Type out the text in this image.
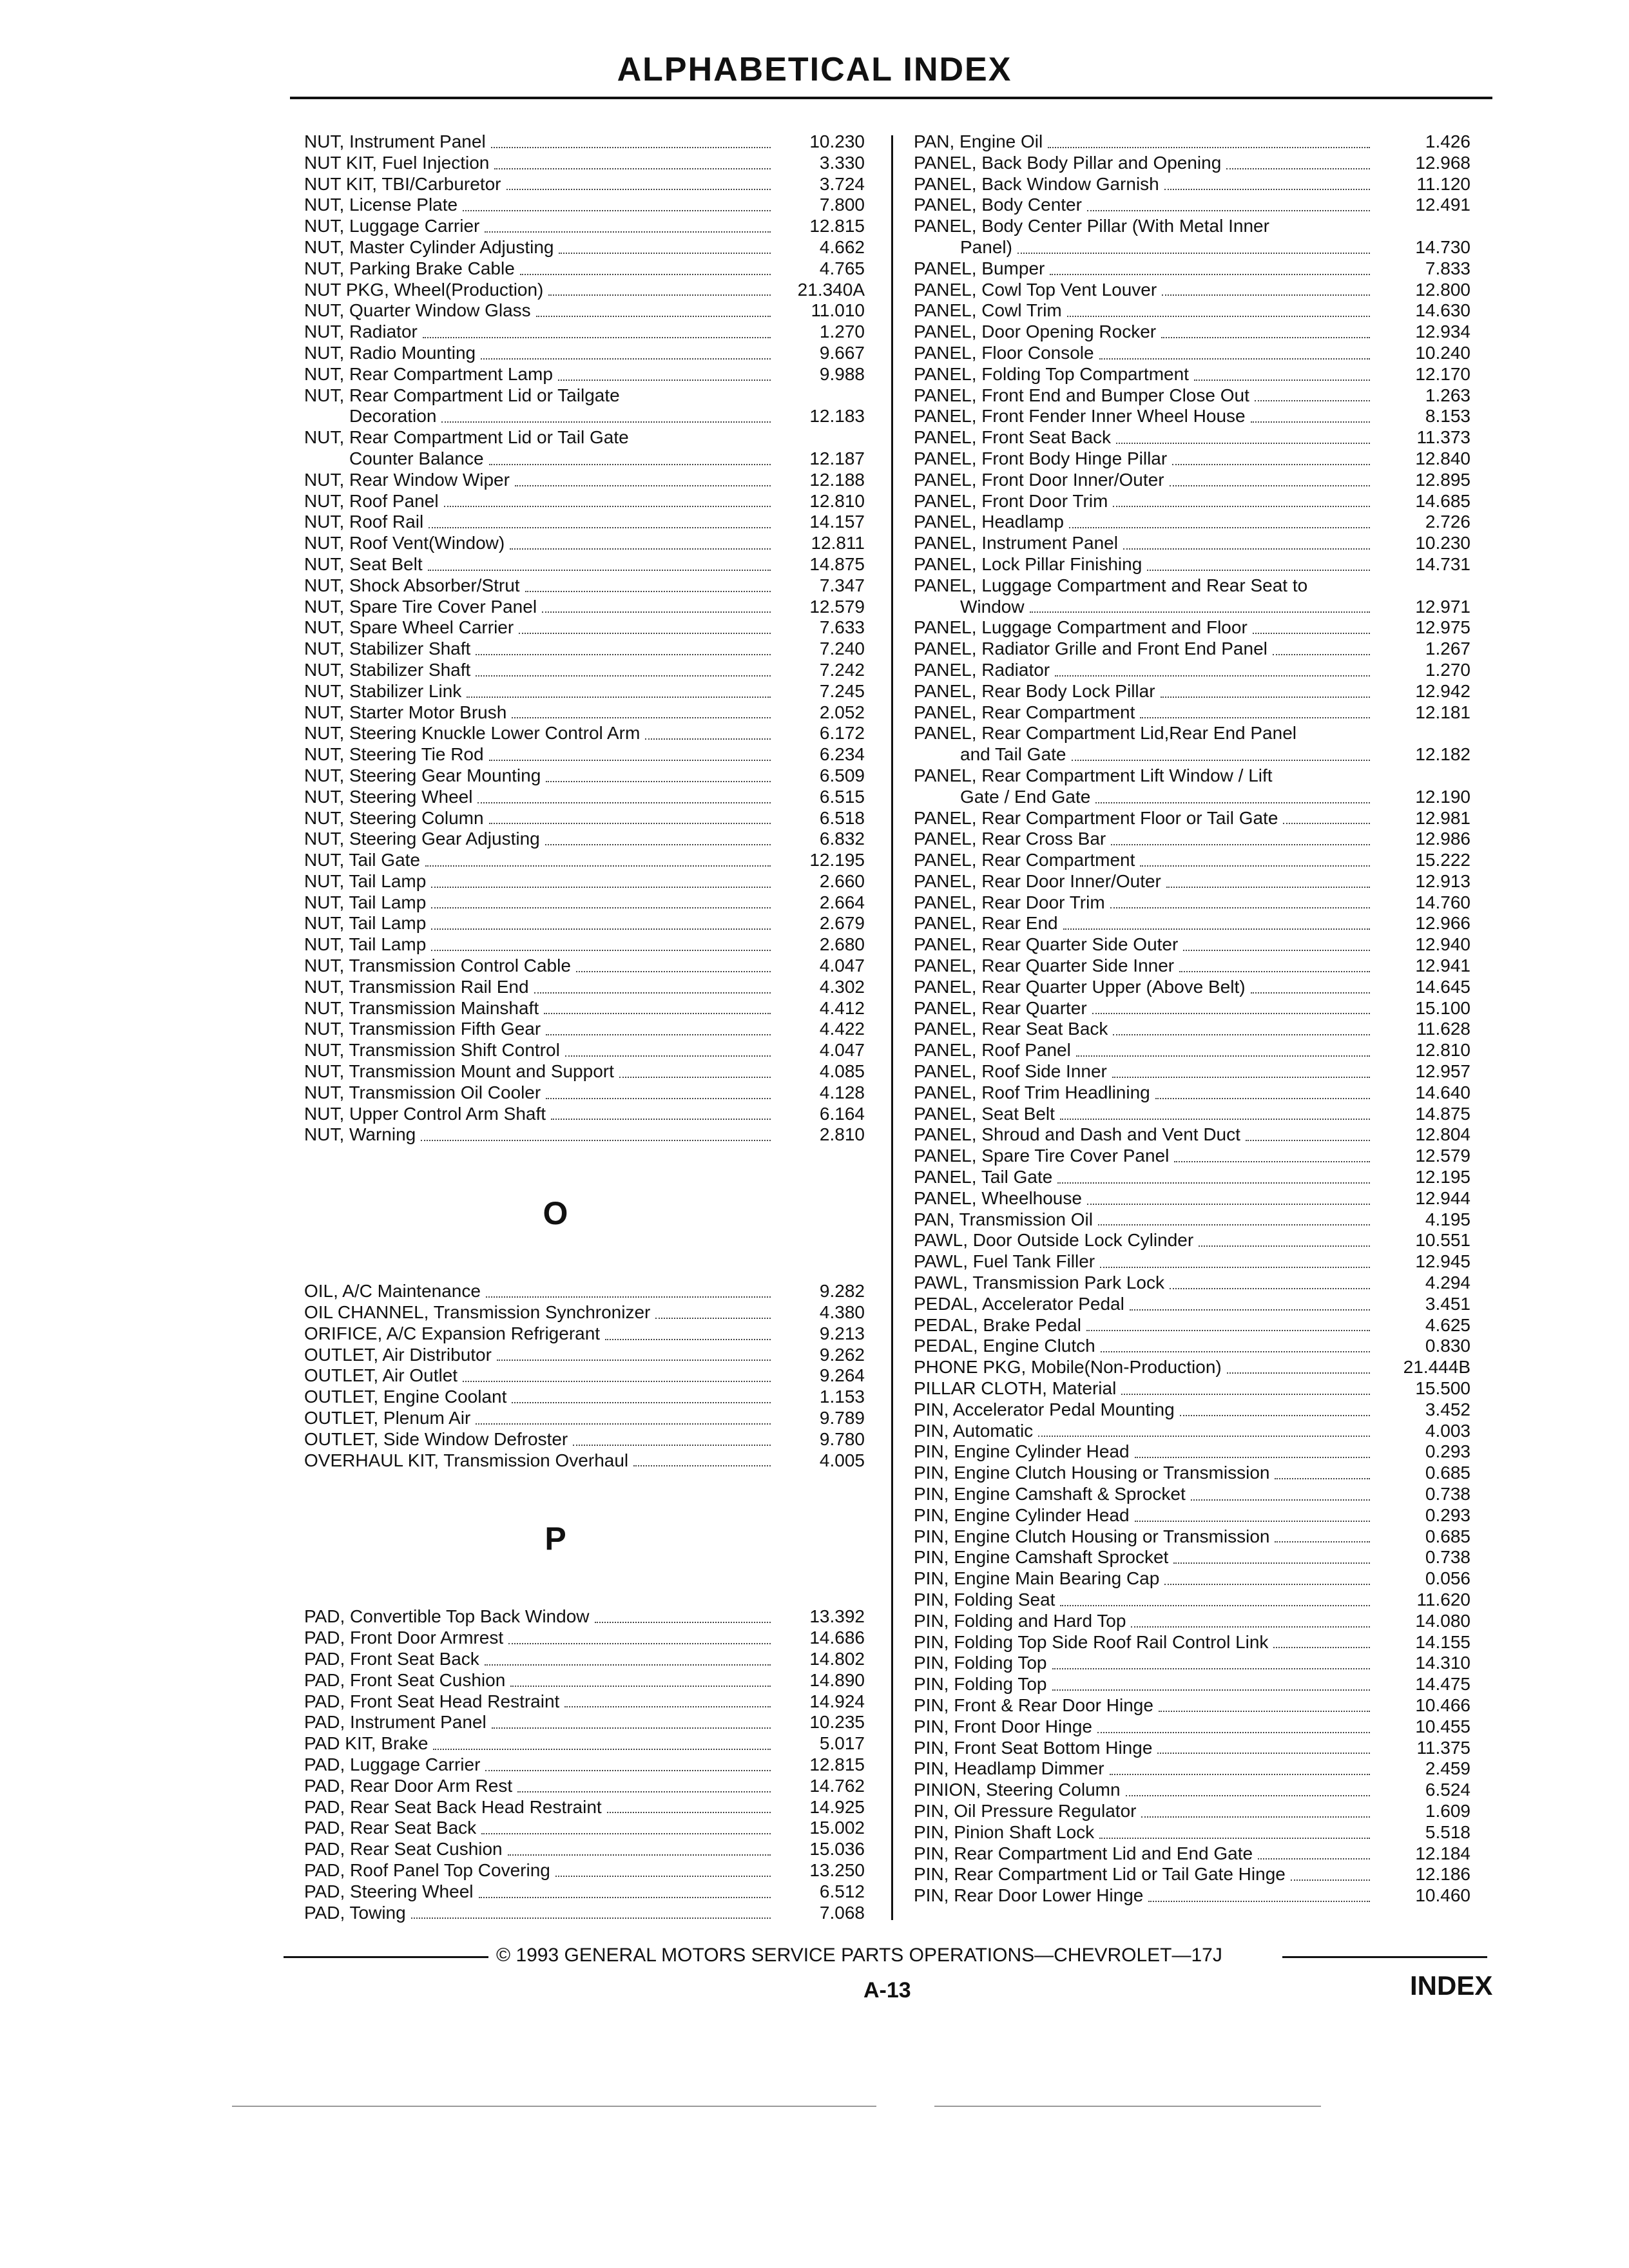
ALPHABETICAL INDEX
NUT, Instrument Panel	10.230
NUT KIT, Fuel Injection	3.330
NUT KIT, TBI/Carburetor	3.724
NUT, License Plate	7.800
NUT, Luggage Carrier	12.815
NUT, Master Cylinder Adjusting	4.662
NUT, Parking Brake Cable	4.765
NUT PKG, Wheel(Production)	21.340A
NUT, Quarter Window Glass	11.010
NUT, Radiator	1.270
NUT, Radio Mounting	9.667
NUT, Rear Compartment Lamp	9.988
NUT, Rear Compartment Lid or Tailgate
Decoration	12.183
NUT, Rear Compartment Lid or Tail Gate
Counter Balance	12.187
NUT, Rear Window Wiper	12.188
NUT, Roof Panel	12.810
NUT, Roof Rail	14.157
NUT, Roof Vent(Window)	12.811
NUT, Seat Belt	14.875
NUT, Shock Absorber/Strut	7.347
NUT, Spare Tire Cover Panel	12.579
NUT, Spare Wheel Carrier	7.633
NUT, Stabilizer Shaft	7.240
NUT, Stabilizer Shaft	7.242
NUT, Stabilizer Link	7.245
NUT, Starter Motor Brush	2.052
NUT, Steering Knuckle Lower Control Arm	6.172
NUT, Steering Tie Rod	6.234
NUT, Steering Gear Mounting	6.509
NUT, Steering Wheel	6.515
NUT, Steering Column	6.518
NUT, Steering Gear Adjusting	6.832
NUT, Tail Gate	12.195
NUT, Tail Lamp	2.660
NUT, Tail Lamp	2.664
NUT, Tail Lamp	2.679
NUT, Tail Lamp	2.680
NUT, Transmission Control Cable	4.047
NUT, Transmission Rail End	4.302
NUT, Transmission Mainshaft	4.412
NUT, Transmission Fifth Gear	4.422
NUT, Transmission Shift Control	4.047
NUT, Transmission Mount and Support	4.085
NUT, Transmission Oil Cooler	4.128
NUT, Upper Control Arm Shaft	6.164
NUT, Warning	2.810
O
OIL, A/C Maintenance	9.282
OIL CHANNEL, Transmission Synchronizer	4.380
ORIFICE, A/C Expansion Refrigerant	9.213
OUTLET, Air Distributor	9.262
OUTLET, Air Outlet	9.264
OUTLET, Engine Coolant	1.153
OUTLET, Plenum Air	9.789
OUTLET, Side Window Defroster	9.780
OVERHAUL KIT, Transmission Overhaul	4.005
P
PAD, Convertible Top Back Window	13.392
PAD, Front Door Armrest	14.686
PAD, Front Seat Back	14.802
PAD, Front Seat Cushion	14.890
PAD, Front Seat Head Restraint	14.924
PAD, Instrument Panel	10.235
PAD KIT, Brake	5.017
PAD, Luggage Carrier	12.815
PAD, Rear Door Arm Rest	14.762
PAD, Rear Seat Back Head Restraint	14.925
PAD, Rear Seat Back	15.002
PAD, Rear Seat Cushion	15.036
PAD, Roof Panel Top Covering	13.250
PAD, Steering Wheel	6.512
PAD, Towing	7.068
PAN, Engine Oil	1.426
PANEL, Back Body Pillar and Opening	12.968
PANEL, Back Window Garnish	11.120
PANEL, Body Center	12.491
PANEL, Body Center Pillar (With Metal Inner
Panel)	14.730
PANEL, Bumper	7.833
PANEL, Cowl Top Vent Louver	12.800
PANEL, Cowl Trim	14.630
PANEL, Door Opening Rocker	12.934
PANEL, Floor Console	10.240
PANEL, Folding Top Compartment	12.170
PANEL, Front End and Bumper Close Out	1.263
PANEL, Front Fender Inner Wheel House	8.153
PANEL, Front Seat Back	11.373
PANEL, Front Body Hinge Pillar	12.840
PANEL, Front Door Inner/Outer	12.895
PANEL, Front Door Trim	14.685
PANEL, Headlamp	2.726
PANEL, Instrument Panel	10.230
PANEL, Lock Pillar Finishing	14.731
PANEL, Luggage Compartment and Rear Seat to
Window	12.971
PANEL, Luggage Compartment and Floor	12.975
PANEL, Radiator Grille and Front End Panel	1.267
PANEL, Radiator	1.270
PANEL, Rear Body Lock Pillar	12.942
PANEL, Rear Compartment	12.181
PANEL, Rear Compartment Lid,Rear End Panel
and Tail Gate	12.182
PANEL, Rear Compartment Lift Window / Lift
Gate / End Gate	12.190
PANEL, Rear Compartment Floor or Tail Gate	12.981
PANEL, Rear Cross Bar	12.986
PANEL, Rear Compartment	15.222
PANEL, Rear Door Inner/Outer	12.913
PANEL, Rear Door Trim	14.760
PANEL, Rear End	12.966
PANEL, Rear Quarter Side Outer	12.940
PANEL, Rear Quarter Side Inner	12.941
PANEL, Rear Quarter Upper (Above Belt)	14.645
PANEL, Rear Quarter	15.100
PANEL, Rear Seat Back	11.628
PANEL, Roof Panel	12.810
PANEL, Roof Side Inner	12.957
PANEL, Roof Trim Headlining	14.640
PANEL, Seat Belt	14.875
PANEL, Shroud and Dash and Vent Duct	12.804
PANEL, Spare Tire Cover Panel	12.579
PANEL, Tail Gate	12.195
PANEL, Wheelhouse	12.944
PAN, Transmission Oil	4.195
PAWL, Door Outside Lock Cylinder	10.551
PAWL, Fuel Tank Filler	12.945
PAWL, Transmission Park Lock	4.294
PEDAL, Accelerator Pedal	3.451
PEDAL, Brake Pedal	4.625
PEDAL, Engine Clutch	0.830
PHONE PKG, Mobile(Non-Production)	21.444B
PILLAR CLOTH, Material	15.500
PIN, Accelerator Pedal Mounting	3.452
PIN, Automatic	4.003
PIN, Engine Cylinder Head	0.293
PIN, Engine Clutch Housing or Transmission	0.685
PIN, Engine Camshaft & Sprocket	0.738
PIN, Engine Cylinder Head	0.293
PIN, Engine Clutch Housing or Transmission	0.685
PIN, Engine Camshaft Sprocket	0.738
PIN, Engine Main Bearing Cap	0.056
PIN, Folding Seat	11.620
PIN, Folding and Hard Top	14.080
PIN, Folding Top Side Roof Rail Control Link	14.155
PIN, Folding Top	14.310
PIN, Folding Top	14.475
PIN, Front & Rear Door Hinge	10.466
PIN, Front Door Hinge	10.455
PIN, Front Seat Bottom Hinge	11.375
PIN, Headlamp Dimmer	2.459
PINION, Steering Column	6.524
PIN, Oil Pressure Regulator	1.609
PIN, Pinion Shaft Lock	5.518
PIN, Rear Compartment Lid and End Gate	12.184
PIN, Rear Compartment Lid or Tail Gate Hinge	12.186
PIN, Rear Door Lower Hinge	10.460
© 1993 GENERAL MOTORS SERVICE PARTS OPERATIONS—CHEVROLET—17J
A-13	INDEX
